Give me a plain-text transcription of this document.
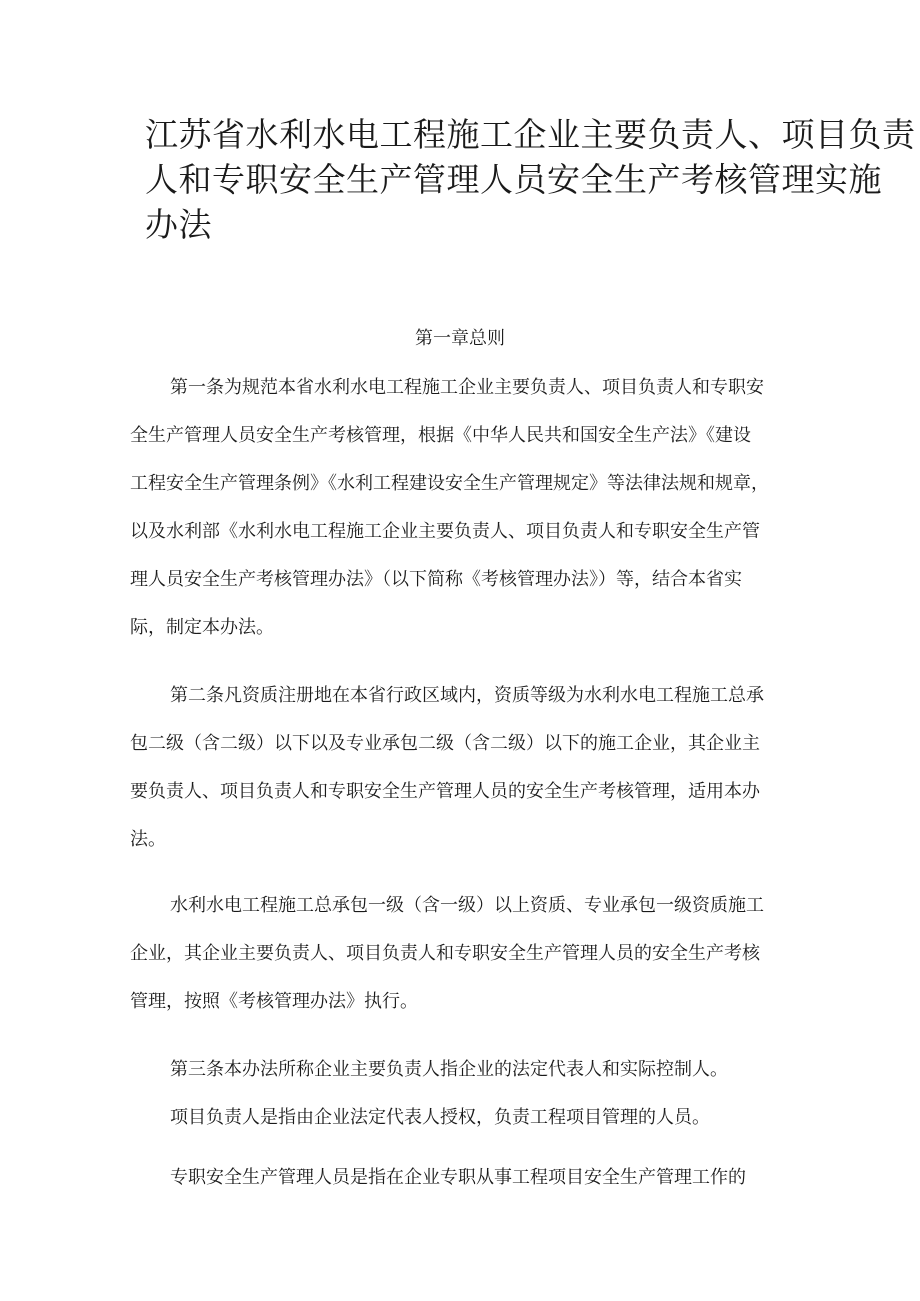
江苏省水利水电工程施工企业主要负责人、项目负责
人和专职安全生产管理人员安全生产考核管理实施
办法
第一章总则

第一条为规范本省水利水电工程施工企业主要负责人、项目负责人和专职安
全生产管理人员安全生产考核管理，根据《中华人民共和国安全生产法》《建设
工程安全生产管理条例》《水利工程建设安全生产管理规定》等法律法规和规章，
以及水利部《水利水电工程施工企业主要负责人、项目负责人和专职安全生产管
理人员安全生产考核管理办法》（以下简称《考核管理办法》）等，结合本省实
际，制定本办法。

第二条凡资质注册地在本省行政区域内，资质等级为水利水电工程施工总承
包二级（含二级）以下以及专业承包二级（含二级）以下的施工企业，其企业主
要负责人、项目负责人和专职安全生产管理人员的安全生产考核管理，适用本办
法。

水利水电工程施工总承包一级（含一级）以上资质、专业承包一级资质施工
企业，其企业主要负责人、项目负责人和专职安全生产管理人员的安全生产考核
管理，按照《考核管理办法》执行。

第三条本办法所称企业主要负责人指企业的法定代表人和实际控制人。

项目负责人是指由企业法定代表人授权，负责工程项目管理的人员。

专职安全生产管理人员是指在企业专职从事工程项目安全生产管理工作的
